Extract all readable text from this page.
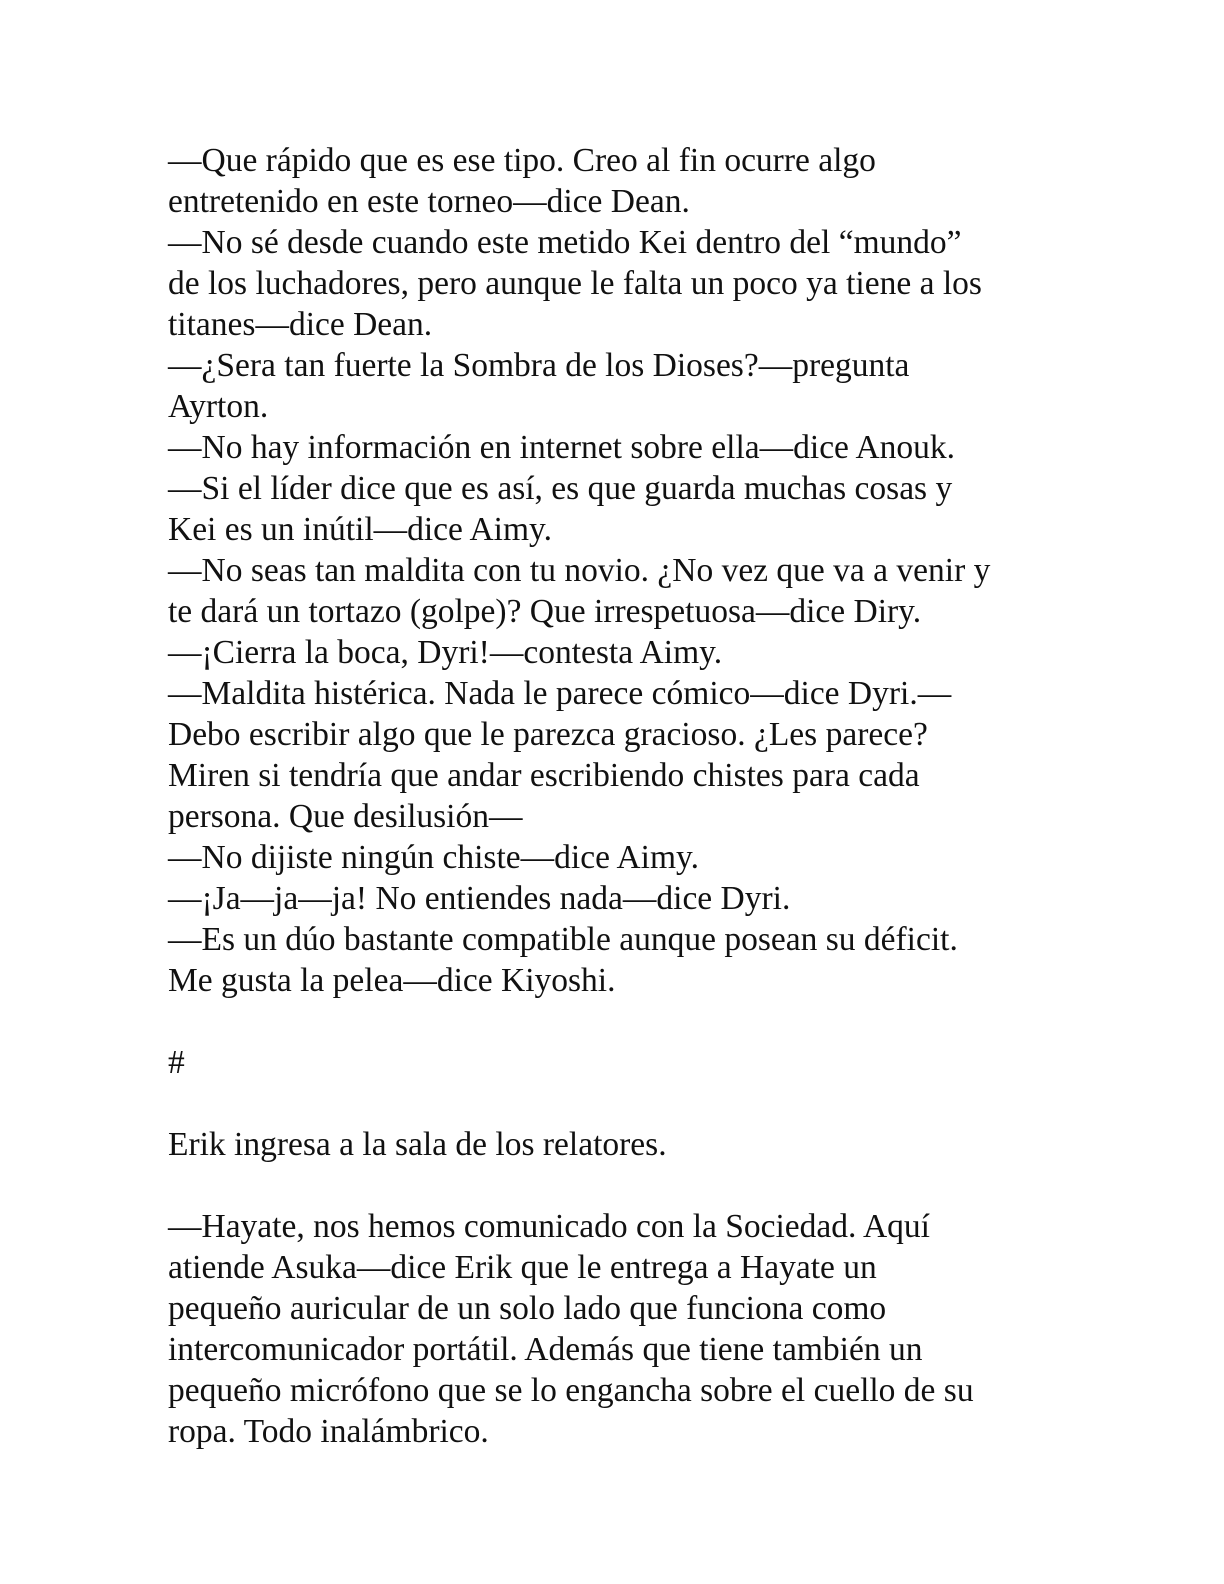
—Que rápido que es ese tipo. Creo al fin ocurre algo
entretenido en este torneo—dice Dean.
—No sé desde cuando este metido Kei dentro del “mundo”
de los luchadores, pero aunque le falta un poco ya tiene a los
titanes—dice Dean.
—¿Sera tan fuerte la Sombra de los Dioses?—pregunta
Ayrton.
—No hay información en internet sobre ella—dice Anouk.
—Si el líder dice que es así, es que guarda muchas cosas y
Kei es un inútil—dice Aimy.
—No seas tan maldita con tu novio. ¿No vez que va a venir y
te dará un tortazo (golpe)? Que irrespetuosa—dice Diry.
—¡Cierra la boca, Dyri!—contesta Aimy.
—Maldita histérica. Nada le parece cómico—dice Dyri.—
Debo escribir algo que le parezca gracioso. ¿Les parece?
Miren si tendría que andar escribiendo chistes para cada
persona. Que desilusión—
—No dijiste ningún chiste—dice Aimy.
—¡Ja—ja—ja! No entiendes nada—dice Dyri.
—Es un dúo bastante compatible aunque posean su déficit.
Me gusta la pelea—dice Kiyoshi.
#
Erik ingresa a la sala de los relatores.
—Hayate, nos hemos comunicado con la Sociedad. Aquí
atiende Asuka—dice Erik que le entrega a Hayate un
pequeño auricular de un solo lado que funciona como
intercomunicador portátil. Además que tiene también un
pequeño micrófono que se lo engancha sobre el cuello de su
ropa. Todo inalámbrico.
